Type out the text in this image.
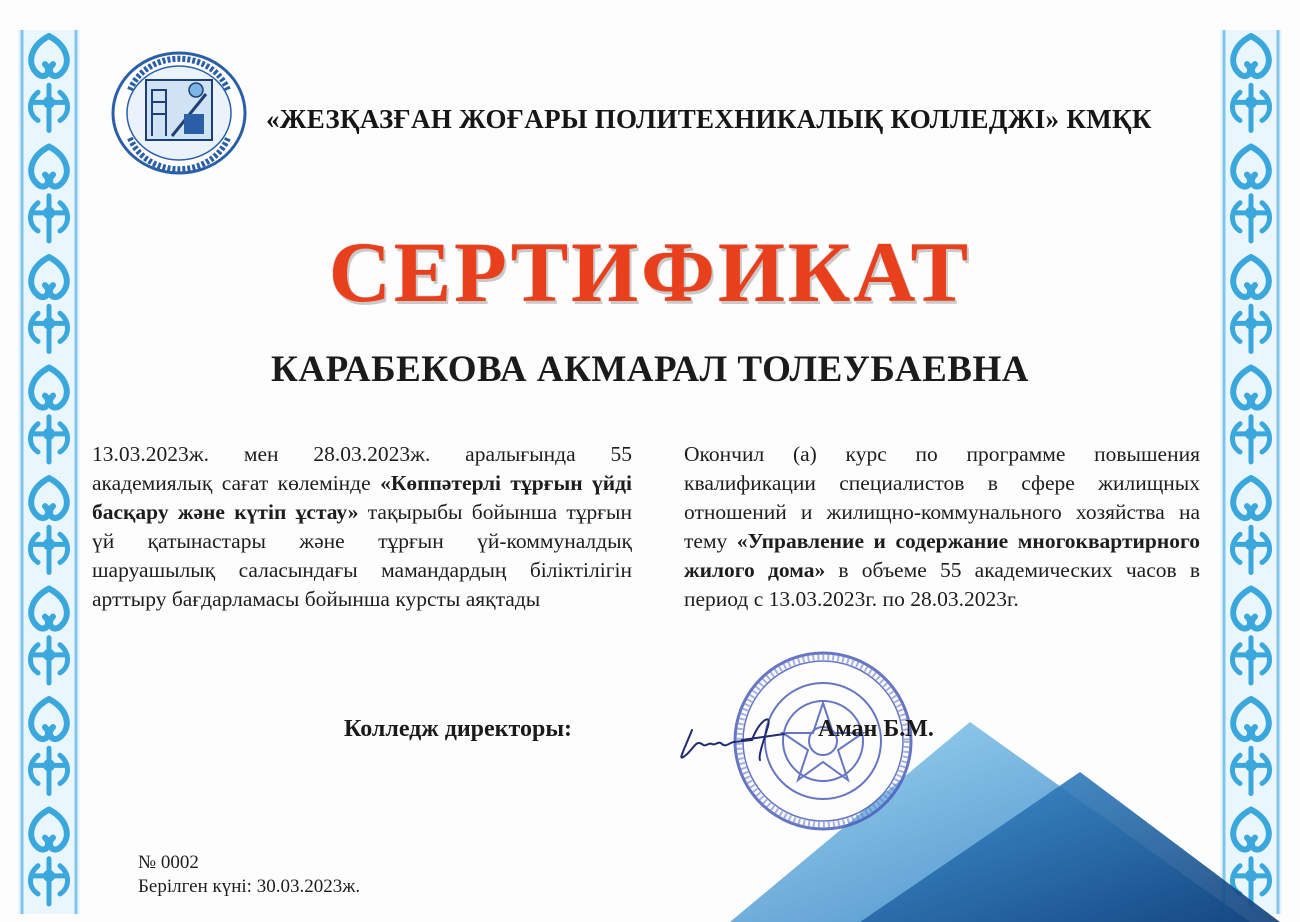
«ЖЕЗҚАЗҒАН ЖОҒАРЫ ПОЛИТЕХНИКАЛЫҚ КОЛЛЕДЖІ» КМҚК
СЕРТИФИКАТ
КАРАБЕКОВА АКМАРАЛ ТОЛЕУБАЕВНА
13.03.2023ж. мен 28.03.2023ж. аралығында 55 академиялық сағат көлемінде «Көппәтерлі тұрғын үйді басқару және күтіп ұстау» тақырыбы бойынша тұрғын үй қатынастары және тұрғын үй-коммуналдық шаруашылық саласындағы мамандардың біліктілігін арттыру бағдарламасы бойынша курсты аяқтады
Окончил (а) курс по программе повышения квалификации специалистов в сфере жилищных отношений и жилищно-коммунального хозяйства на тему «Управление и содержание многоквартирного жилого дома» в объеме 55 академических часов в период с 13.03.2023г. по 28.03.2023г.
Колледж директоры:	Аман Б.М.
№ 0002
Берілген күні: 30.03.2023ж.
